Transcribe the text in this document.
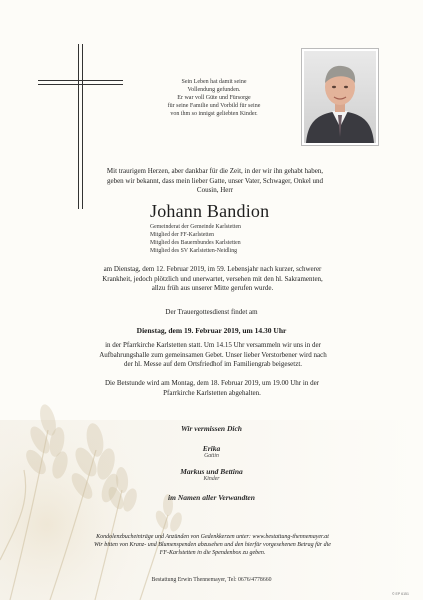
Sein Leben hat damit seine
Vollendung gefunden.
Er war voll Güte und Fürsorge
für seine Familie und Vorbild für seine
von ihm so innigst geliebten Kinder.
Mit traurigem Herzen, aber dankbar für die Zeit, in der wir ihn gehabt haben,
geben wir bekannt, dass mein lieber Gatte, unser Vater, Schwager, Onkel und
Cousin, Herr
Johann Bandion
Gemeinderat der Gemeinde Karlstetten
Mitglied der FF-Karlstetten
Mitglied des Bauernbundes Karlstetten
Mitglied des SV Karlstetten-Neidling
am Dienstag, dem 12. Februar 2019, im 59. Lebensjahr nach kurzer, schwerer
Krankheit, jedoch plötzlich und unerwartet, versehen mit den hl. Sakramenten,
allzu früh aus unserer Mitte gerufen wurde.
Der Trauergottesdienst findet am
Dienstag, dem 19. Februar 2019, um 14.30 Uhr
in der Pfarrkirche Karlstetten statt. Um 14.15 Uhr versammeln wir uns in der
Aufbahrungshalle zum gemeinsamen Gebet. Unser lieber Verstorbener wird nach
der hl. Messe auf dem Ortsfriedhof im Familiengrab beigesetzt.
Die Betstunde wird am Montag, dem 18. Februar 2019, um 19.00 Uhr in der
Pfarrkirche Karlstetten abgehalten.
Wir vermissen Dich
Erika
Gattin
Markus und Bettina
Kinder
im Namen aller Verwandten
Kondolenzbucheinträge und Anzünden von Gedenkkerzen unter: www.bestattung-thennemayer.at
Wir bitten von Kranz- und Blumenspenden abzusehen und den hierfür vorgesehenen Betrag für die
FF-Karlstetten in die Spendenbox zu geben.
Bestattung Erwin Thennemayer, Tel: 0676/4778660
© EP 6151
